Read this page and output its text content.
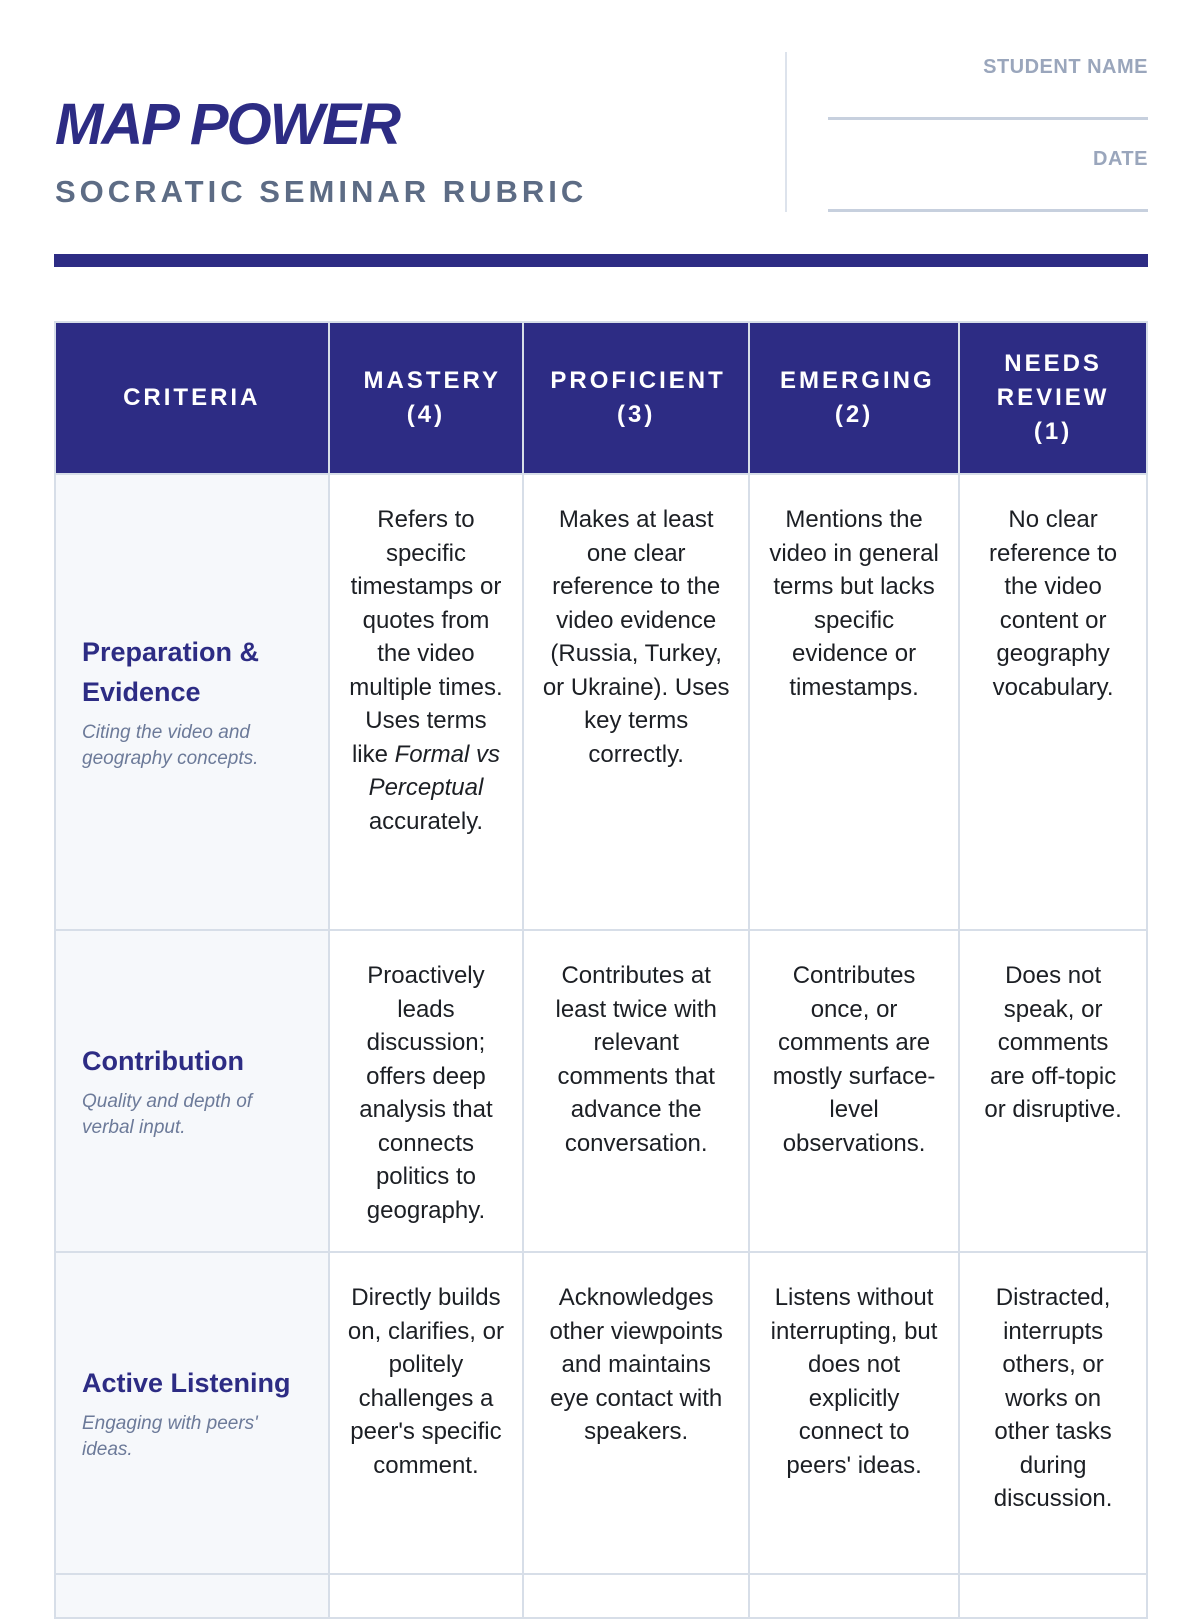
MAP POWER
SOCRATIC SEMINAR RUBRIC
STUDENT NAME
DATE
CRITERIA	MASTERY (4)	PROFICIENT (3)	EMERGING (2)	NEEDS REVIEW (1)

Preparation & Evidence
Citing the video and geography concepts.	Refers to specific timestamps or quotes from the video multiple times. Uses terms like Formal vs Perceptual accurately.	Makes at least one clear reference to the video evidence (Russia, Turkey, or Ukraine). Uses key terms correctly.	Mentions the video in general terms but lacks specific evidence or timestamps.	No clear reference to the video content or geography vocabulary.

Contribution
Quality and depth of verbal input.	Proactively leads discussion; offers deep analysis that connects politics to geography.	Contributes at least twice with relevant comments that advance the conversation.	Contributes once, or comments are mostly surface-level observations.	Does not speak, or comments are off-topic or disruptive.

Active Listening
Engaging with peers' ideas.	Directly builds on, clarifies, or politely challenges a peer's specific comment.	Acknowledges other viewpoints and maintains eye contact with speakers.	Listens without interrupting, but does not explicitly connect to peers' ideas.	Distracted, interrupts others, or works on other tasks during discussion.
